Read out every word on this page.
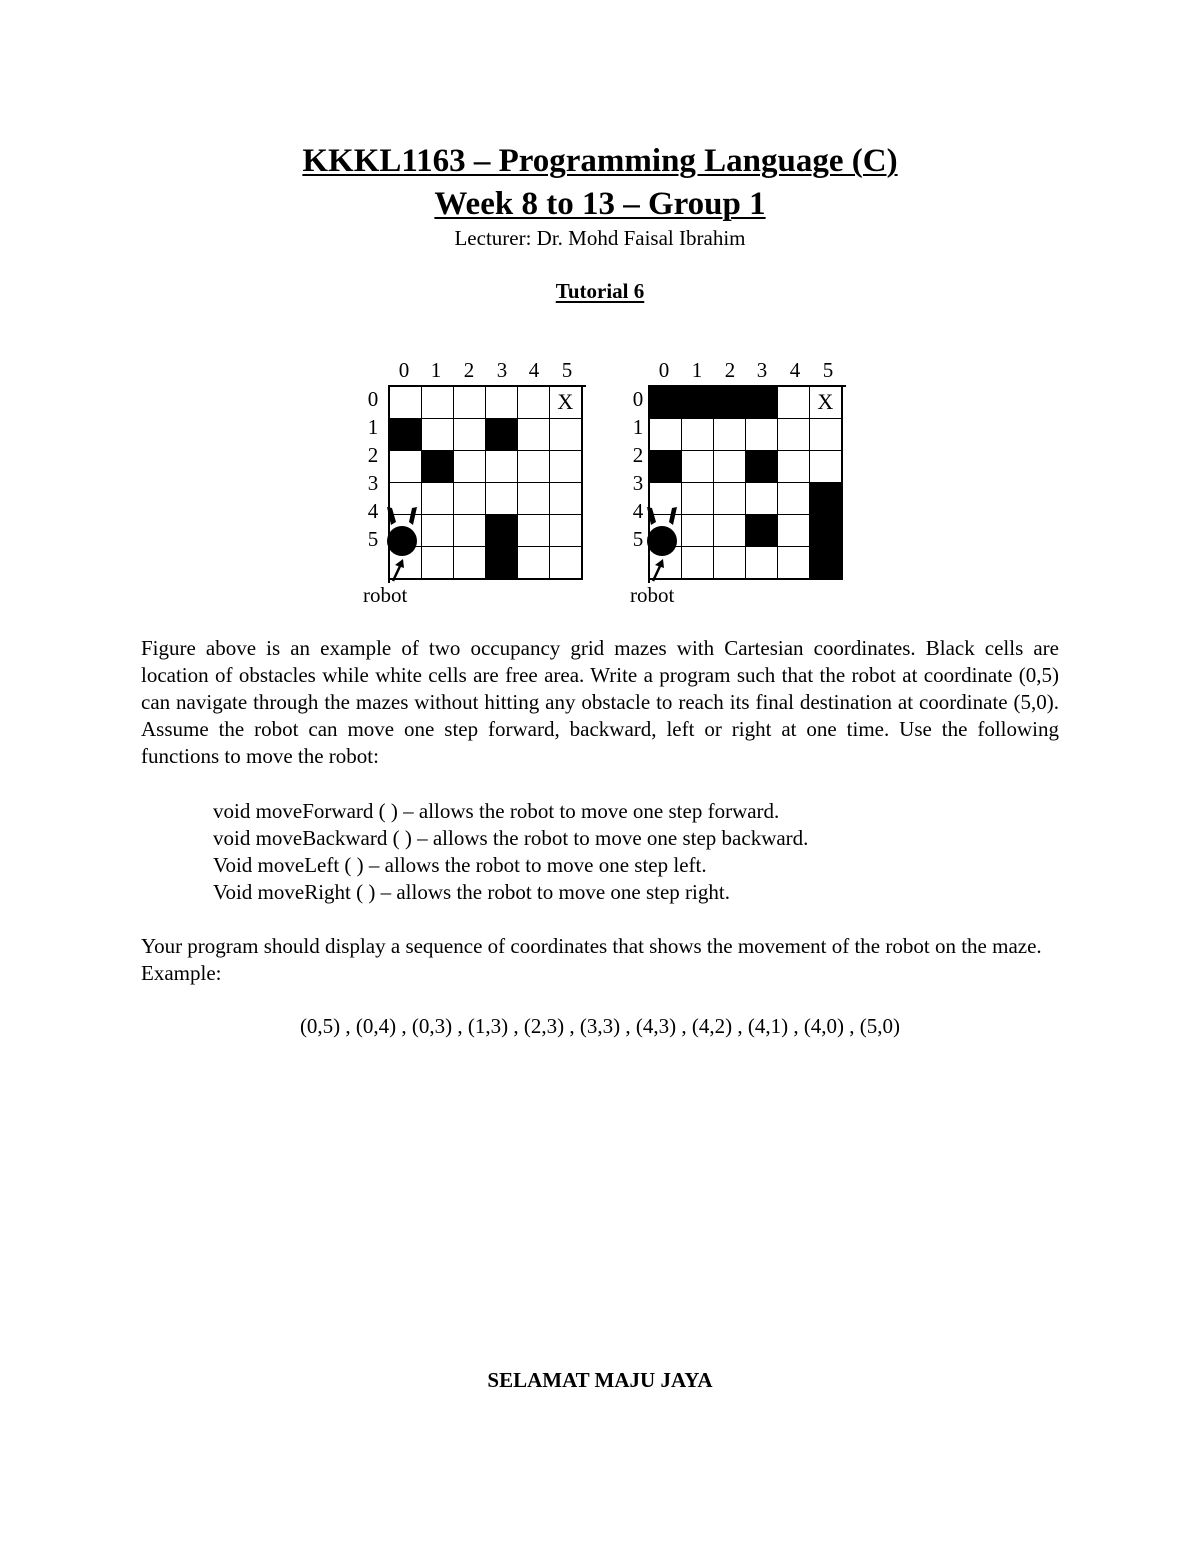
KKKL1163 – Programming Language (C)
Week 8 to 13 – Group 1
Lecturer: Dr. Mohd Faisal Ibrahim
Tutorial 6
0	1	2	3	4	5
0
1
2
3
4
5
X
robot
0	1	2	3	4	5
0
1
2
3
4
5
X
robot
Figure above is an example of two occupancy grid mazes with Cartesian coordinates. Black cells are location of obstacles while white cells are free area. Write a program such that the robot at coordinate (0,5) can navigate through the mazes without hitting any obstacle to reach its final destination at coordinate (5,0). Assume the robot can move one step forward, backward, left or right at one time. Use the following functions to move the robot:
void moveForward ( ) – allows the robot to move one step forward.
void moveBackward ( ) – allows the robot to move one step backward.
Void moveLeft ( ) – allows the robot to move one step left.
Void moveRight ( ) – allows the robot to move one step right.
Your program should display a sequence of coordinates that shows the movement of the robot on the maze. Example:
(0,5) , (0,4) , (0,3) , (1,3) , (2,3) , (3,3) , (4,3) , (4,2) , (4,1) , (4,0) , (5,0)
SELAMAT MAJU JAYA
